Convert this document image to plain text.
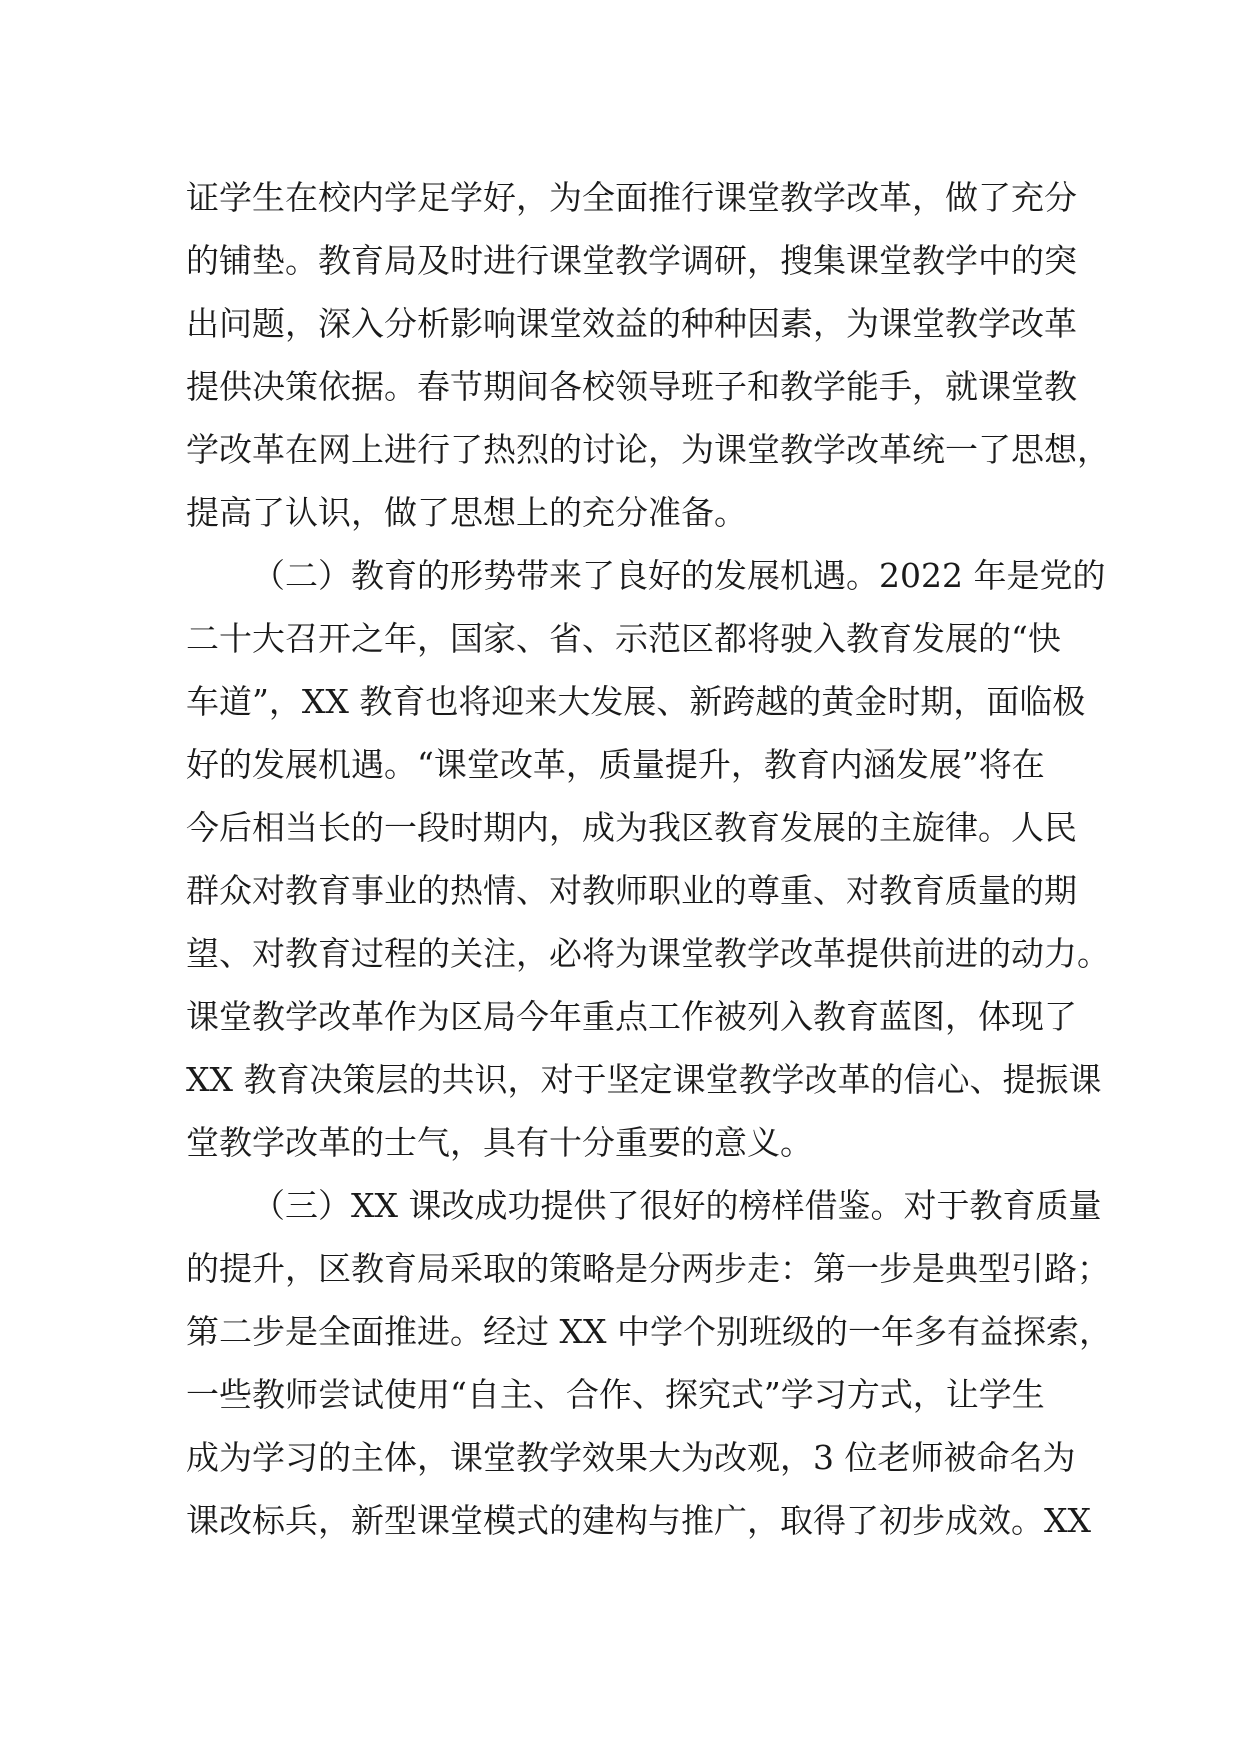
证学生在校内学足学好，为全面推行课堂教学改革，做了充分
的铺垫。教育局及时进行课堂教学调研，搜集课堂教学中的突
出问题，深入分析影响课堂效益的种种因素，为课堂教学改革
提供决策依据。春节期间各校领导班子和教学能手，就课堂教
学改革在网上进行了热烈的讨论，为课堂教学改革统一了思想，
提高了认识，做了思想上的充分准备。
（二）教育的形势带来了良好的发展机遇。2022 年是党的
二十大召开之年，国家、省、示范区都将驶入教育发展的“快
车道”，XX 教育也将迎来大发展、新跨越的黄金时期，面临极
好的发展机遇。“课堂改革，质量提升，教育内涵发展”将在
今后相当长的一段时期内，成为我区教育发展的主旋律。人民
群众对教育事业的热情、对教师职业的尊重、对教育质量的期
望、对教育过程的关注，必将为课堂教学改革提供前进的动力。
课堂教学改革作为区局今年重点工作被列入教育蓝图，体现了
XX 教育决策层的共识，对于坚定课堂教学改革的信心、提振课
堂教学改革的士气，具有十分重要的意义。
（三）XX 课改成功提供了很好的榜样借鉴。对于教育质量
的提升，区教育局采取的策略是分两步走：第一步是典型引路；
第二步是全面推进。经过 XX 中学个别班级的一年多有益探索，
一些教师尝试使用“自主、合作、探究式”学习方式，让学生
成为学习的主体，课堂教学效果大为改观，3 位老师被命名为
课改标兵，新型课堂模式的建构与推广，取得了初步成效。XX
